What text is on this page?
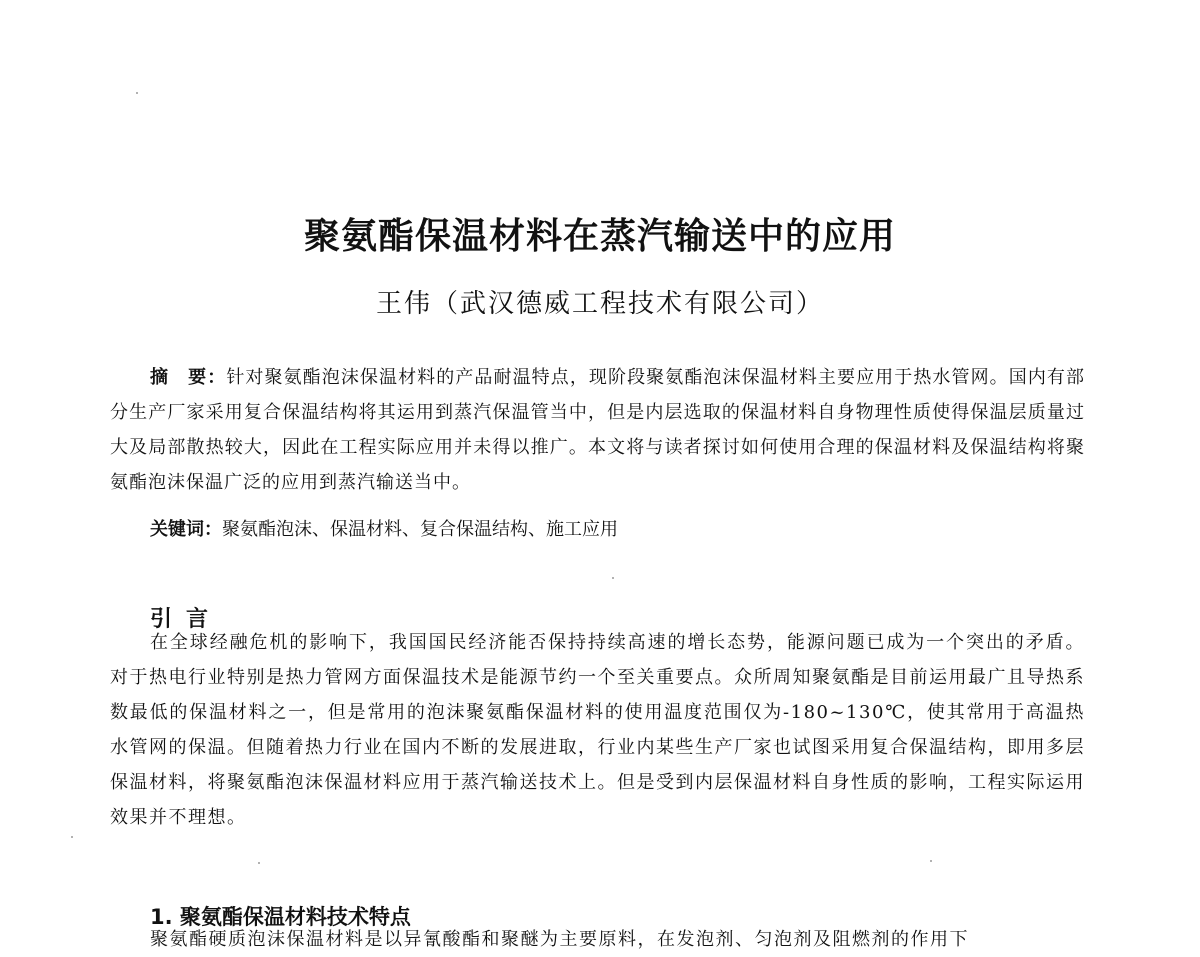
聚氨酯保温材料在蒸汽输送中的应用
王伟（武汉德威工程技术有限公司）

摘　要：针对聚氨酯泡沫保温材料的产品耐温特点，现阶段聚氨酯泡沫保温材料主要应用于热水管网。国内有部分生产厂家采用复合保温结构将其运用到蒸汽保温管当中，但是内层选取的保温材料自身物理性质使得保温层质量过大及局部散热较大，因此在工程实际应用并未得以推广。本文将与读者探讨如何使用合理的保温材料及保温结构将聚氨酯泡沫保温广泛的应用到蒸汽输送当中。

关键词：聚氨酯泡沫、保温材料、复合保温结构、施工应用

引言

在全球经融危机的影响下，我国国民经济能否保持持续高速的增长态势，能源问题已成为一个突出的矛盾。对于热电行业特别是热力管网方面保温技术是能源节约一个至关重要点。众所周知聚氨酯是目前运用最广且导热系数最低的保温材料之一，但是常用的泡沫聚氨酯保温材料的使用温度范围仅为-180~130℃，使其常用于高温热水管网的保温。但随着热力行业在国内不断的发展进取，行业内某些生产厂家也试图采用复合保温结构，即用多层保温材料，将聚氨酯泡沫保温材料应用于蒸汽输送技术上。但是受到内层保温材料自身性质的影响，工程实际运用效果并不理想。

1. 聚氨酯保温材料技术特点

聚氨酯硬质泡沫保温材料是以异氰酸酯和聚醚为主要原料，在发泡剂、匀泡剂及阻燃剂的作用下
